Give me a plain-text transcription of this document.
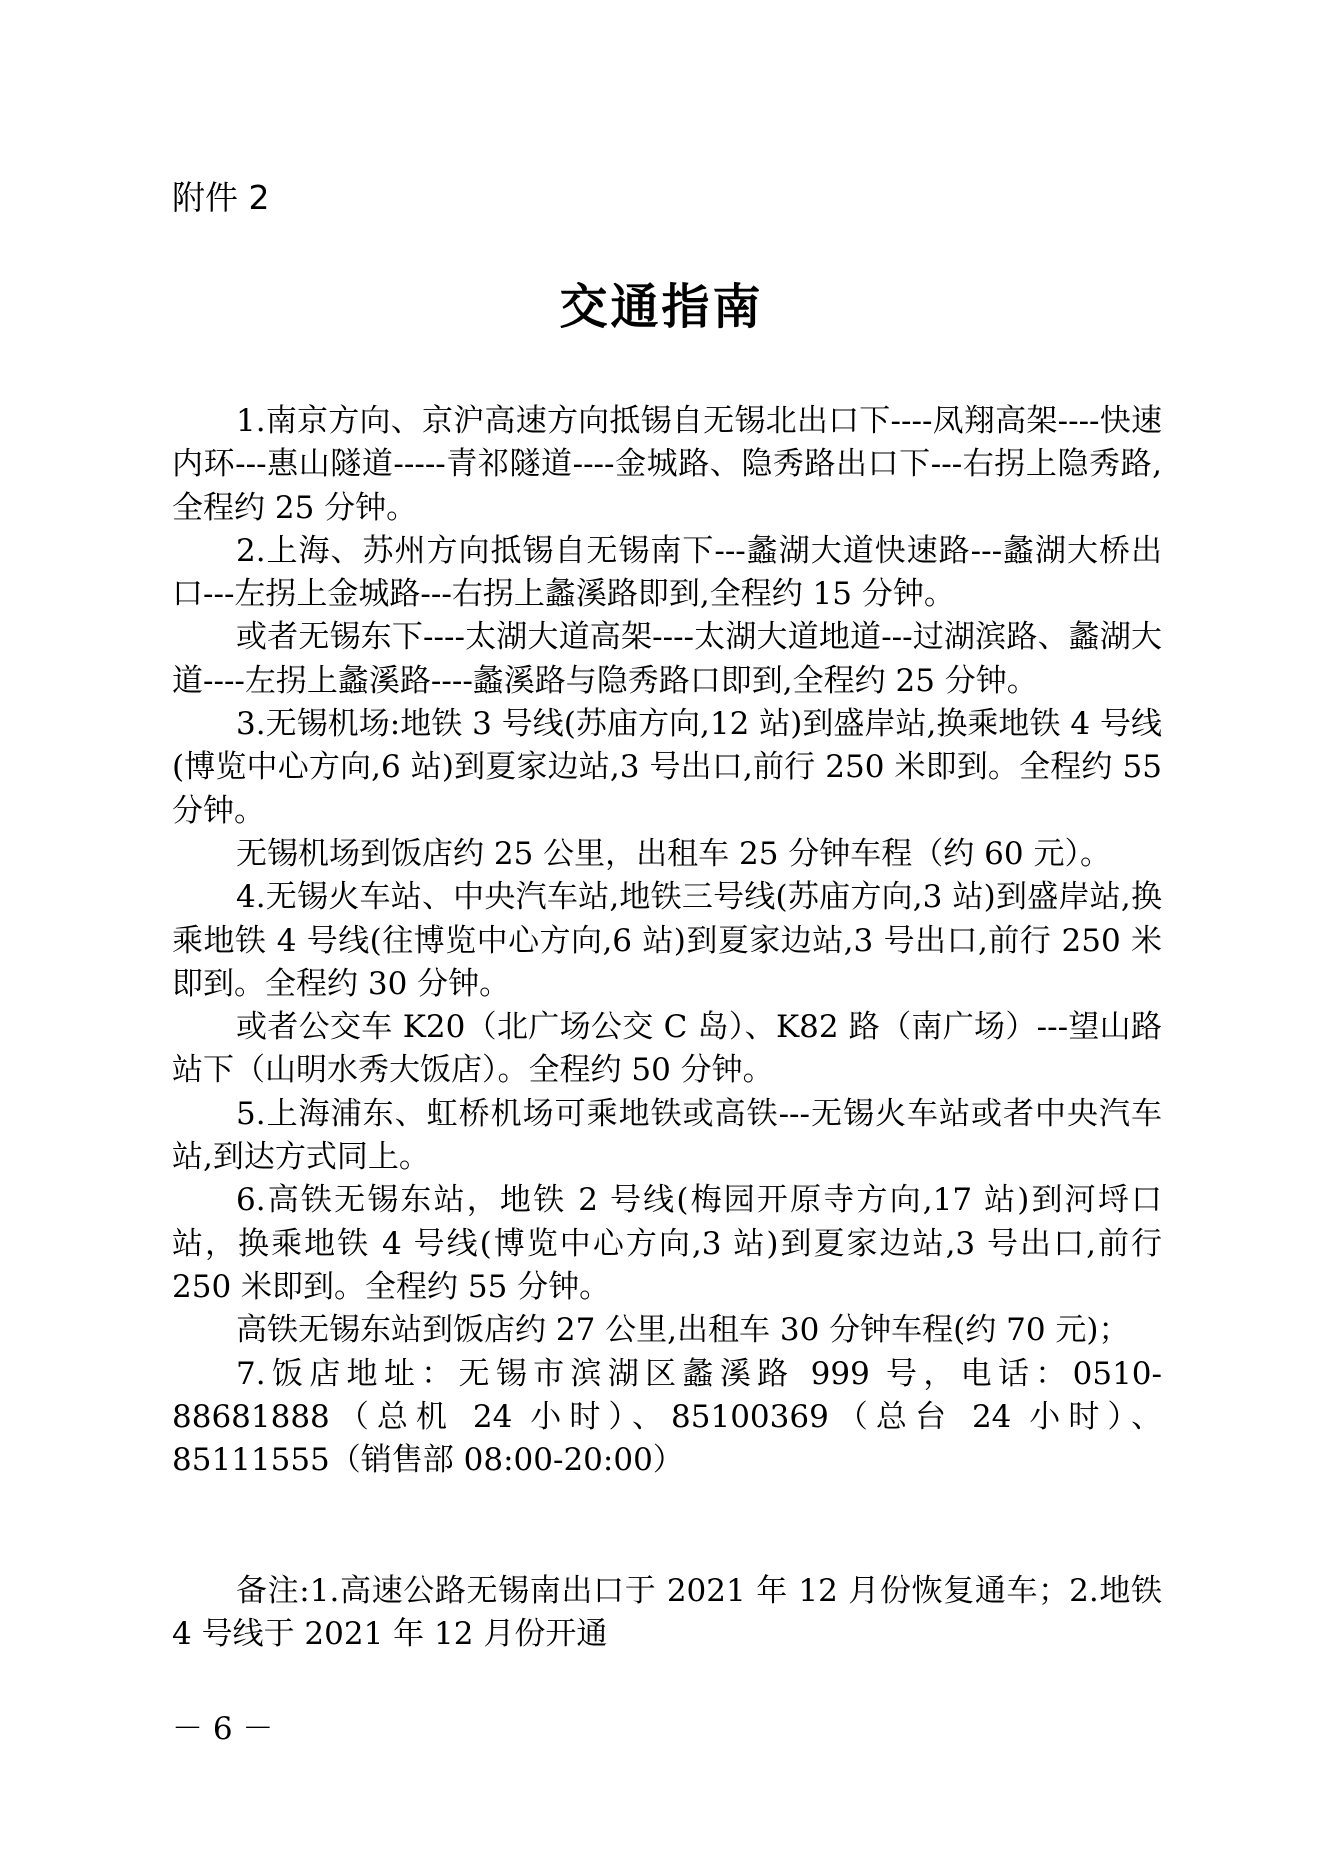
附件 2
交通指南

1.南京方向、京沪高速方向抵锡自无锡北出口下----凤翔高架----快速内环---惠山隧道-----青祁隧道----金城路、隐秀路出口下---右拐上隐秀路,全程约 25 分钟。

2.上海、苏州方向抵锡自无锡南下---蠡湖大道快速路---蠡湖大桥出口---左拐上金城路---右拐上蠡溪路即到,全程约 15 分钟。

或者无锡东下----太湖大道高架----太湖大道地道---过湖滨路、蠡湖大道----左拐上蠡溪路----蠡溪路与隐秀路口即到,全程约 25 分钟。

3.无锡机场:地铁 3 号线(苏庙方向,12 站)到盛岸站,换乘地铁 4 号线(博览中心方向,6 站)到夏家边站,3 号出口,前行 250 米即到。全程约 55 分钟。

无锡机场到饭店约 25 公里，出租车 25 分钟车程（约 60 元）。

4.无锡火车站、中央汽车站,地铁三号线(苏庙方向,3 站)到盛岸站,换乘地铁 4 号线(往博览中心方向,6 站)到夏家边站,3 号出口,前行 250 米即到。全程约 30 分钟。

或者公交车 K20（北广场公交 C 岛）、K82 路（南广场）---望山路站下（山明水秀大饭店）。全程约 50 分钟。

5.上海浦东、虹桥机场可乘地铁或高铁---无锡火车站或者中央汽车站,到达方式同上。

6.高铁无锡东站，地铁 2 号线(梅园开原寺方向,17 站)到河埒口站，换乘地铁 4 号线(博览中心方向,3 站)到夏家边站,3 号出口,前行 250 米即到。全程约 55 分钟。

高铁无锡东站到饭店约 27 公里,出租车 30 分钟车程(约 70 元)；

7.饭店地址：无锡市滨湖区蠡溪路 999 号，电话：0510-88681888（总机 24 小时）、85100369（总台 24 小时）、85111555（销售部 08:00-20:00）

备注:1.高速公路无锡南出口于 2021 年 12 月份恢复通车；2.地铁 4 号线于 2021 年 12 月份开通

－ 6 －
